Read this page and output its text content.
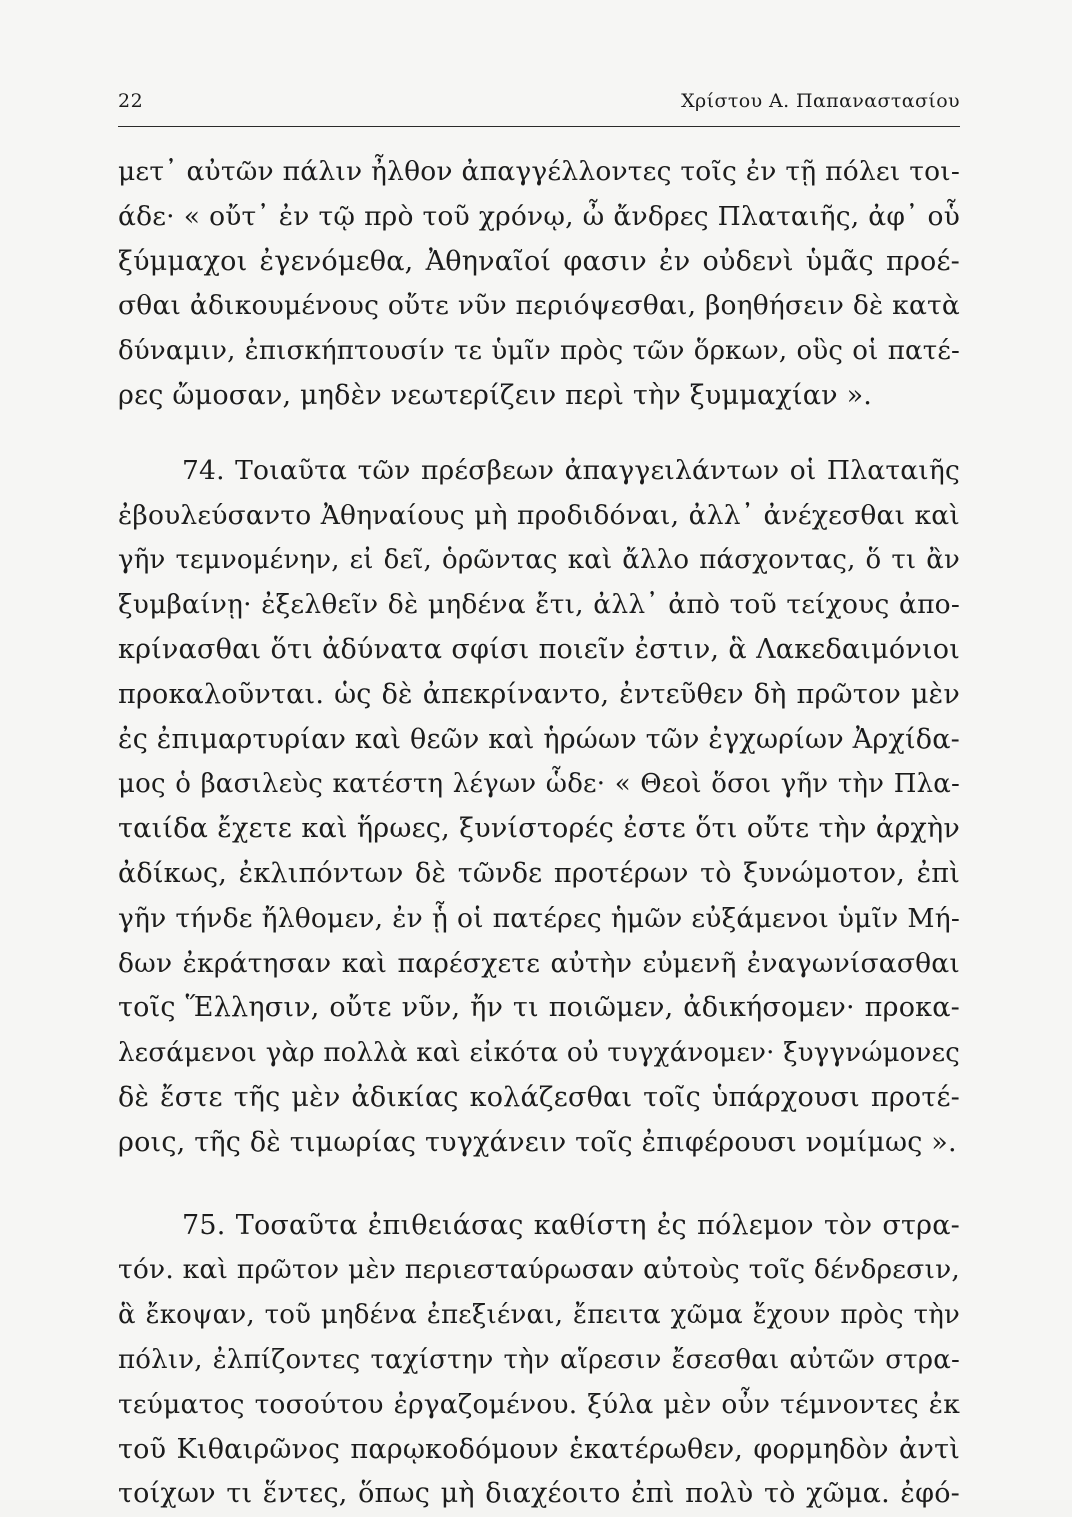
22	Χρίστου Α. Παπαναστασίου
μετ᾽ αὐτῶν πάλιν ἦλθον ἀπαγγέλλοντες τοῖς ἐν τῇ πόλει τοι-
άδε· « οὔτ᾽ ἐν τῷ πρὸ τοῦ χρόνῳ, ὦ ἄνδρες Πλαταιῆς, ἀφ᾽ οὗ
ξύμμαχοι ἐγενόμεθα, Ἀθηναῖοί φασιν ἐν οὐδενὶ ὑμᾶς προέ-
σθαι ἀδικουμένους οὔτε νῦν περιόψεσθαι, βοηθήσειν δὲ κατὰ
δύναμιν, ἐπισκήπτουσίν τε ὑμῖν πρὸς τῶν ὅρκων, οὓς οἱ πατέ-
ρες ὤμοσαν, μηδὲν νεωτερίζειν περὶ τὴν ξυμμαχίαν ».
74. Τοιαῦτα τῶν πρέσβεων ἀπαγγειλάντων οἱ Πλαταιῆς
ἐβουλεύσαντο Ἀθηναίους μὴ προδιδόναι, ἀλλ᾽ ἀνέχεσθαι καὶ
γῆν τεμνομένην, εἰ δεῖ, ὁρῶντας καὶ ἄλλο πάσχοντας, ὅ τι ἂν
ξυμβαίνῃ· ἐξελθεῖν δὲ μηδένα ἔτι, ἀλλ᾽ ἀπὸ τοῦ τείχους ἀπο-
κρίνασθαι ὅτι ἀδύνατα σφίσι ποιεῖν ἐστιν, ἃ Λακεδαιμόνιοι
προκαλοῦνται. ὡς δὲ ἀπεκρίναντο, ἐντεῦθεν δὴ πρῶτον μὲν
ἐς ἐπιμαρτυρίαν καὶ θεῶν καὶ ἡρώων τῶν ἐγχωρίων Ἀρχίδα-
μος ὁ βασιλεὺς κατέστη λέγων ὧδε· « Θεοὶ ὅσοι γῆν τὴν Πλα-
ταιίδα ἔχετε καὶ ἥρωες, ξυνίστορές ἐστε ὅτι οὔτε τὴν ἀρχὴν
ἀδίκως, ἐκλιπόντων δὲ τῶνδε προτέρων τὸ ξυνώμοτον, ἐπὶ
γῆν τήνδε ἤλθομεν, ἐν ᾗ οἱ πατέρες ἡμῶν εὐξάμενοι ὑμῖν Μή-
δων ἐκράτησαν καὶ παρέσχετε αὐτὴν εὐμενῆ ἐναγωνίσασθαι
τοῖς Ἕλλησιν, οὔτε νῦν, ἤν τι ποιῶμεν, ἀδικήσομεν· προκα-
λεσάμενοι γὰρ πολλὰ καὶ εἰκότα οὐ τυγχάνομεν· ξυγγνώμονες
δὲ ἔστε τῆς μὲν ἀδικίας κολάζεσθαι τοῖς ὑπάρχουσι προτέ-
ροις, τῆς δὲ τιμωρίας τυγχάνειν τοῖς ἐπιφέρουσι νομίμως ».
75. Τοσαῦτα ἐπιθειάσας καθίστη ἐς πόλεμον τὸν στρα-
τόν. καὶ πρῶτον μὲν περιεσταύρωσαν αὐτοὺς τοῖς δένδρεσιν,
ἃ ἔκοψαν, τοῦ μηδένα ἐπεξιέναι, ἔπειτα χῶμα ἔχουν πρὸς τὴν
πόλιν, ἐλπίζοντες ταχίστην τὴν αἵρεσιν ἔσεσθαι αὐτῶν στρα-
τεύματος τοσούτου ἐργαζομένου. ξύλα μὲν οὖν τέμνοντες ἐκ
τοῦ Κιθαιρῶνος παρῳκοδόμουν ἑκατέρωθεν, φορμηδὸν ἀντὶ
τοίχων τι ἕντες, ὅπως μὴ διαχέοιτο ἐπὶ πολὺ τὸ χῶμα. ἐφό-
